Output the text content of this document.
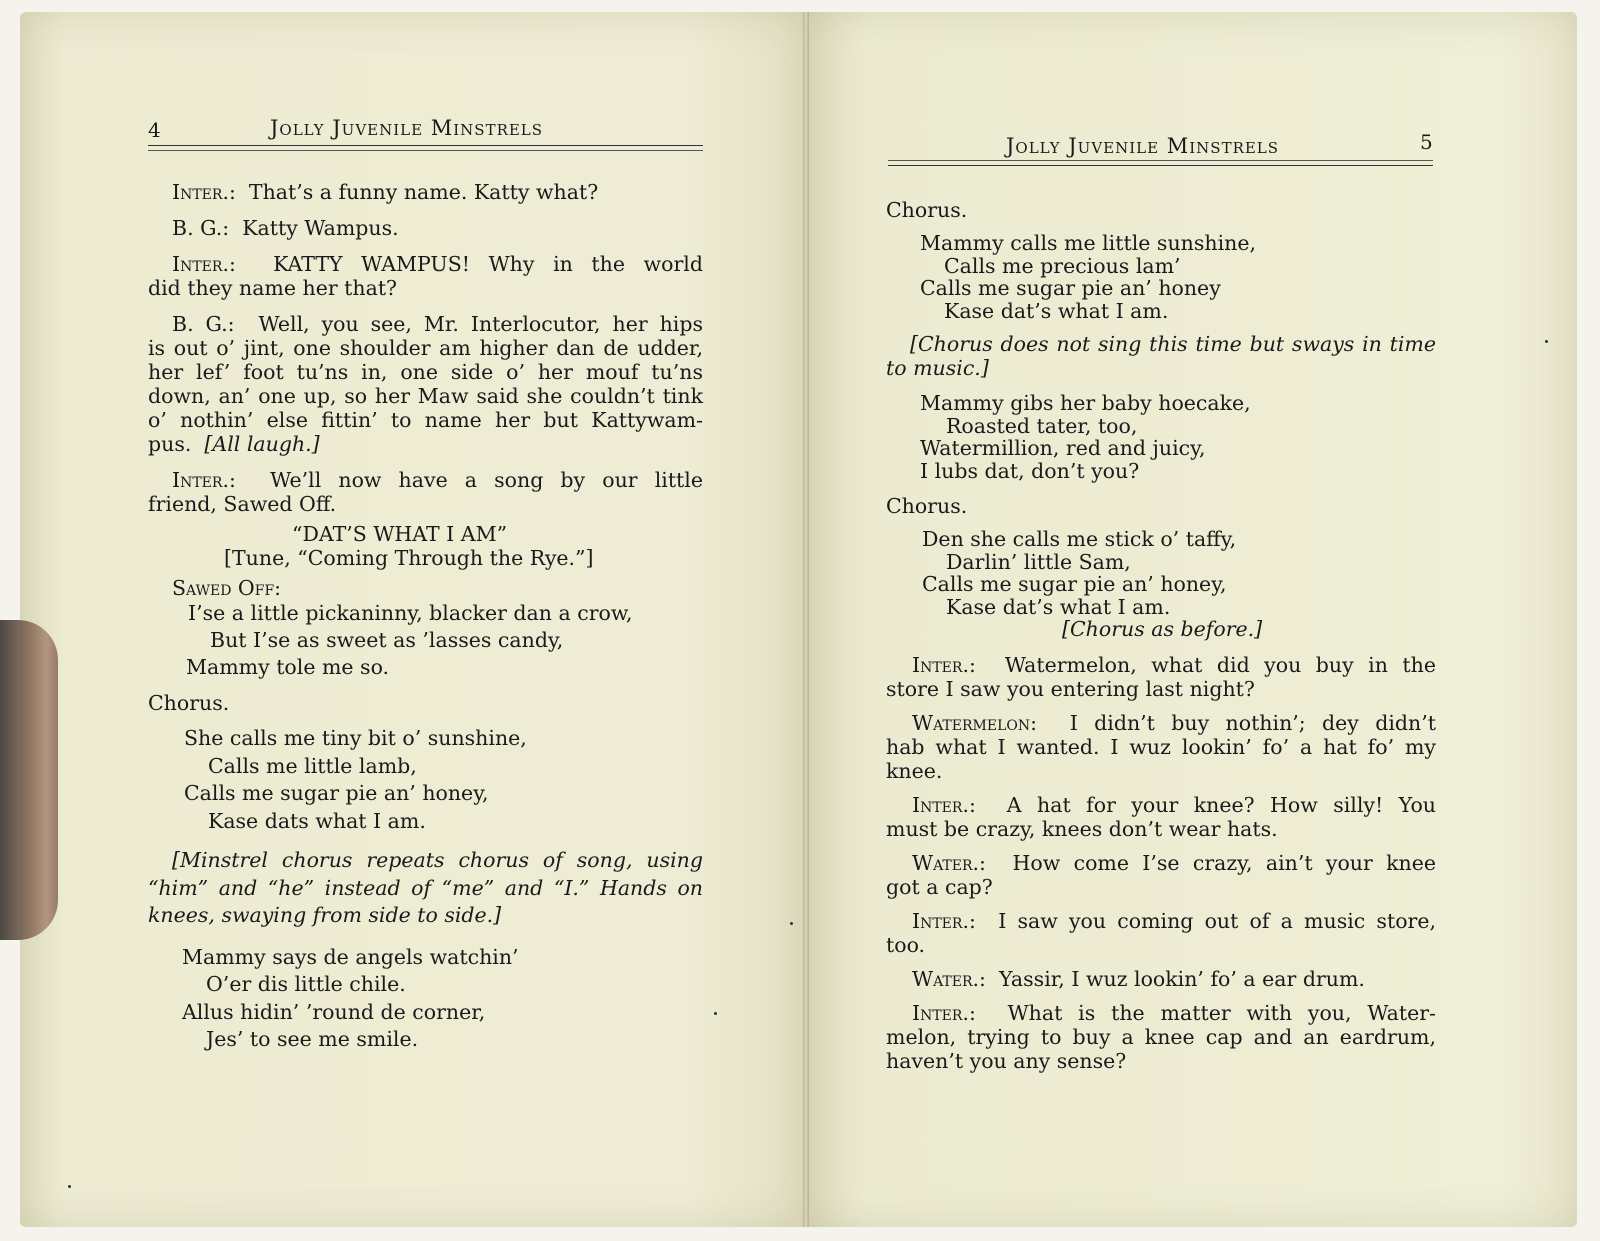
4	Jolly Juvenile Minstrels

Inter.: That’s a funny name. Katty what?

B. G.: Katty Wampus.

Inter.: KATTY WAMPUS! Why in the world

did they name her that?

B. G.: Well, you see, Mr. Interlocutor, her hips

is out o’ jint, one shoulder am higher dan de udder,

her lef’ foot tu’ns in, one side o’ her mouf tu’ns

down, an’ one up, so her Maw said she couldn’t tink

o’ nothin’ else fittin’ to name her but Kattywam-

pus. [All laugh.]

Inter.: We’ll now have a song by our little

friend, Sawed Off.

“DAT’S WHAT I AM”

[Tune, “Coming Through the Rye.”]

Sawed Off:

I’se a little pickaninny, blacker dan a crow,

But I’se as sweet as ’lasses candy,

Mammy tole me so.

Chorus.

She calls me tiny bit o’ sunshine,

Calls me little lamb,

Calls me sugar pie an’ honey,

Kase dats what I am.

[Minstrel chorus repeats chorus of song, using

“him” and “he” instead of “me” and “I.” Hands on

knees, swaying from side to side.]

Mammy says de angels watchin’

O’er dis little chile.

Allus hidin’ ’round de corner,

Jes’ to see me smile.

Jolly Juvenile Minstrels	5

Chorus.

Mammy calls me little sunshine,

Calls me precious lam’

Calls me sugar pie an’ honey

Kase dat’s what I am.

[Chorus does not sing this time but sways in time

to music.]

Mammy gibs her baby hoecake,

Roasted tater, too,

Watermillion, red and juicy,

I lubs dat, don’t you?

Chorus.

Den she calls me stick o’ taffy,

Darlin’ little Sam,

Calls me sugar pie an’ honey,

Kase dat’s what I am.

[Chorus as before.]

Inter.: Watermelon, what did you buy in the

store I saw you entering last night?

Watermelon: I didn’t buy nothin’; dey didn’t

hab what I wanted. I wuz lookin’ fo’ a hat fo’ my

knee.

Inter.: A hat for your knee? How silly! You

must be crazy, knees don’t wear hats.

Water.: How come I’se crazy, ain’t your knee

got a cap?

Inter.: I saw you coming out of a music store,

too.

Water.: Yassir, I wuz lookin’ fo’ a ear drum.

Inter.: What is the matter with you, Water-

melon, trying to buy a knee cap and an eardrum,

haven’t you any sense?
